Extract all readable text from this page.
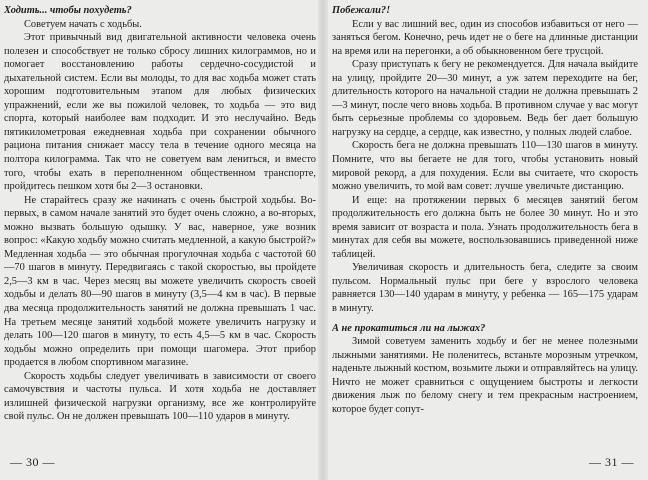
Ходить... чтобы похудеть?

Советуем начать с ходьбы.

Этот привычный вид двигательной активности человека очень полезен и способствует не только сбросу лишних килограммов, но и помогает восстановлению работы сердечно-сосудистой и дыхательной систем. Если вы молоды, то для вас ходьба может стать хорошим подготовительным этапом для любых физических упражнений, если же вы пожилой человек, то ходьба — это вид спорта, который наиболее вам подходит. И это неслучайно. Ведь пятикилометровая ежедневная ходьба при сохранении обычного рациона питания снижает массу тела в течение одного месяца на полтора килограмма. Так что не советуем вам лениться, и вместо того, чтобы ехать в переполненном общественном транспорте, пройдитесь пешком хотя бы 2—3 остановки.

Не старайтесь сразу же начинать с очень быстрой ходьбы. Во-первых, в самом начале занятий это будет очень сложно, а во-вторых, можно вызвать большую одышку. У вас, наверное, уже возник вопрос: «Какую ходьбу можно считать медленной, а какую быстрой?» Медленная ходьба — это обычная прогулочная ходьба с частотой 60—70 шагов в минуту. Передвигаясь с такой скоростью, вы пройдете 2,5—3 км в час. Через месяц вы можете увеличить скорость своей ходьбы и делать 80—90 шагов в минуту (3,5—4 км в час). В первые два месяца продолжительность занятий не должна превышать 1 час. На третьем месяце занятий ходьбой можете увеличить нагрузку и делать 100—120 шагов в минуту, то есть 4,5—5 км в час. Скорость ходьбы можно определить при помощи шагомера. Этот прибор продается в любом спортивном магазине.

Скорость ходьбы следует увеличивать в зависимости от своего самочувствия и частоты пульса. И хотя ходьба не доставляет излишней физической нагрузки организму, все же контролируйте свой пульс. Он не должен превышать 100—110 ударов в минуту.

— 30 —

Побежали?!

Если у вас лишний вес, один из способов избавиться от него — заняться бегом. Конечно, речь идет не о беге на длинные дистанции на время или на перегонки, а об обыкновенном беге трусцой.

Сразу приступать к бегу не рекомендуется. Для начала выйдите на улицу, пройдите 20—30 минут, а уж затем переходите на бег, длительность которого на начальной стадии не должна превышать 2—3 минут, после чего вновь ходьба. В противном случае у вас могут быть серьезные проблемы со здоровьем. Ведь бег дает большую нагрузку на сердце, а сердце, как известно, у полных людей слабое.

Скорость бега не должна превышать 110—130 шагов в минуту. Помните, что вы бегаете не для того, чтобы установить новый мировой рекорд, а для похудения. Если вы считаете, что скорость можно увеличить, то мой вам совет: лучше увеличьте дистанцию.

И еще: на протяжении первых 6 месяцев занятий бегом продолжительность его должна быть не более 30 минут. Но и это время зависит от возраста и пола. Узнать продолжительность бега в минутах для себя вы можете, воспользовавшись приведенной ниже таблицей.

Увеличивая скорость и длительность бега, следите за своим пульсом. Нормальный пульс при беге у взрослого человека равняется 130—140 ударам в минуту, у ребенка — 165—175 ударам в минуту.

А не прокатиться ли на лыжах?

Зимой советуем заменить ходьбу и бег не менее полезными лыжными занятиями. Не поленитесь, встаньте морозным утречком, наденьте лыжный костюм, возьмите лыжи и отправляйтесь на улицу. Ничто не может сравниться с ощущением быстроты и легкости движения лыж по белому снегу и тем прекрасным настроением, которое будет сопут-

— 31 —
